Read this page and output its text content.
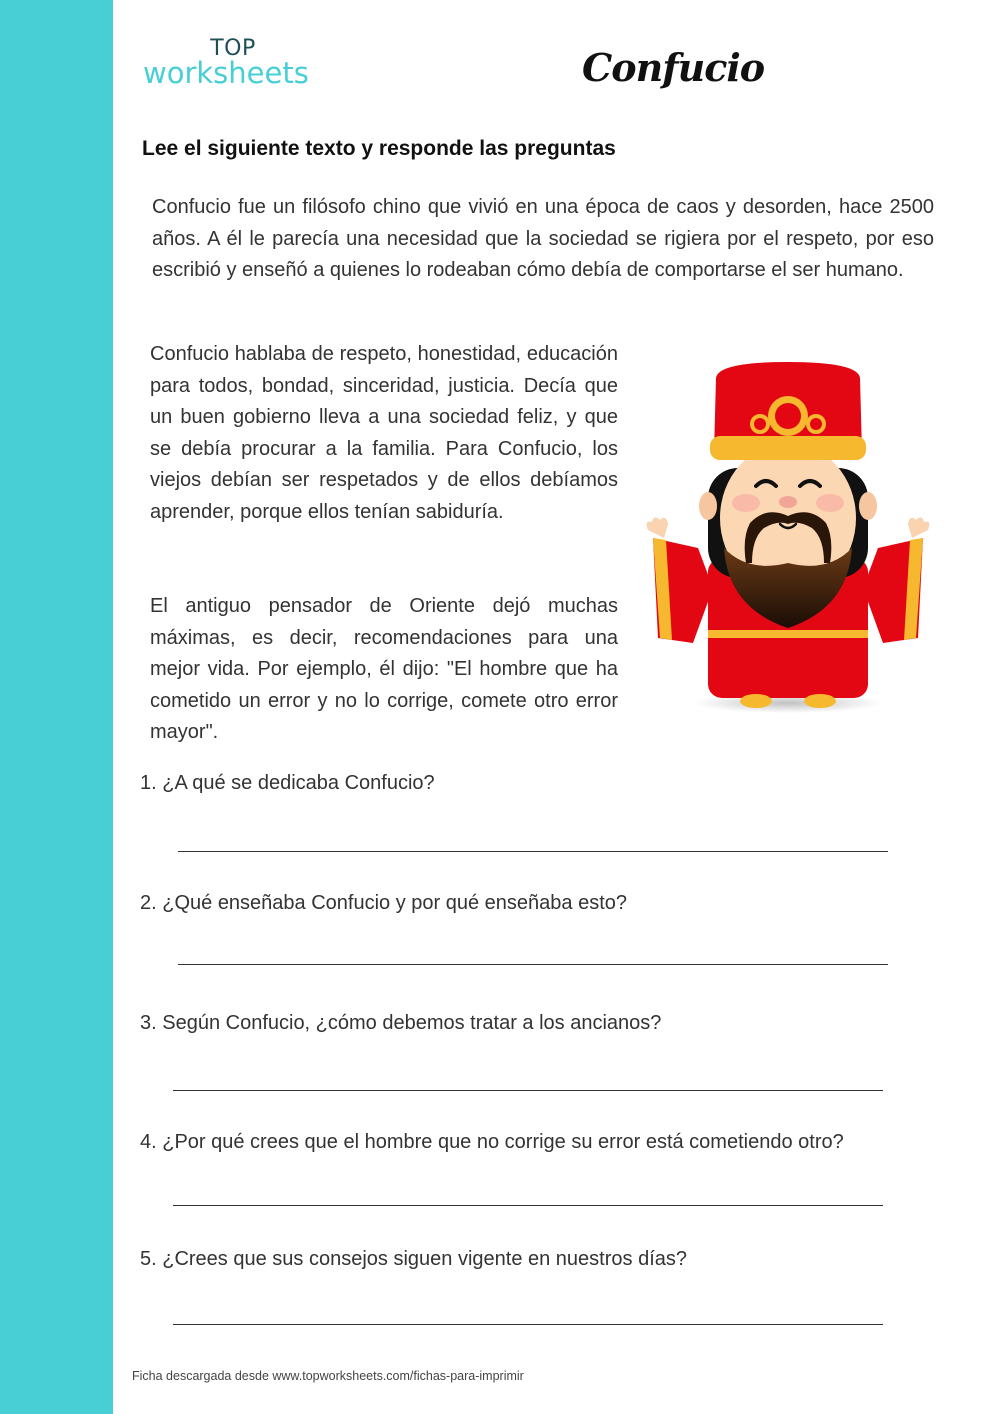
TOP
worksheets	Confucio
Lee el siguiente texto y responde las preguntas
Confucio fue un filósofo chino que vivió en una época de caos y desorden, hace 2500 años. A él le parecía una necesidad que la sociedad se rigiera por el respeto, por eso escribió y enseñó a quienes lo rodeaban cómo debía de comportarse el ser humano.
Confucio hablaba de respeto, honestidad, educación para todos, bondad, sinceridad, justicia. Decía que un buen gobierno lleva a una sociedad feliz, y que se debía procurar a la familia. Para Confucio, los viejos debían ser respetados y de ellos debíamos aprender, porque ellos tenían sabiduría.
El antiguo pensador de Oriente dejó muchas máximas, es decir, recomendaciones para una mejor vida. Por ejemplo, él dijo: "El hombre que ha cometido un error y no lo corrige, comete otro error mayor".
1. ¿A qué se dedicaba Confucio?
2. ¿Qué enseñaba Confucio y por qué enseñaba esto?
3. Según Confucio, ¿cómo debemos tratar a los ancianos?
4. ¿Por qué crees que el hombre que no corrige su error está cometiendo otro?
5. ¿Crees que sus consejos siguen vigente en nuestros días?
Ficha descargada desde www.topworksheets.com/fichas-para-imprimir
